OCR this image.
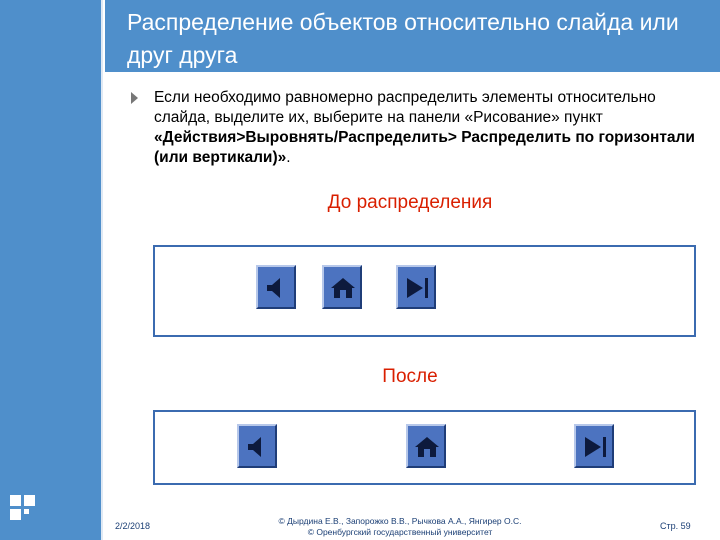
Распределение объектов относительно слайда или друг друга

Если необходимо равномерно распределить элементы относительно слайда, выделите их, выберите на панели «Рисование» пункт «Действия>Выровнять/Распределить> Распределить по горизонтали (или вертикали)».

До распределения
После
2/2/2018	© Дырдина Е.В., Запорожко В.В., Рычкова А.А., Янгирер О.С.
© Оренбургский государственный университет
Стр. 59
